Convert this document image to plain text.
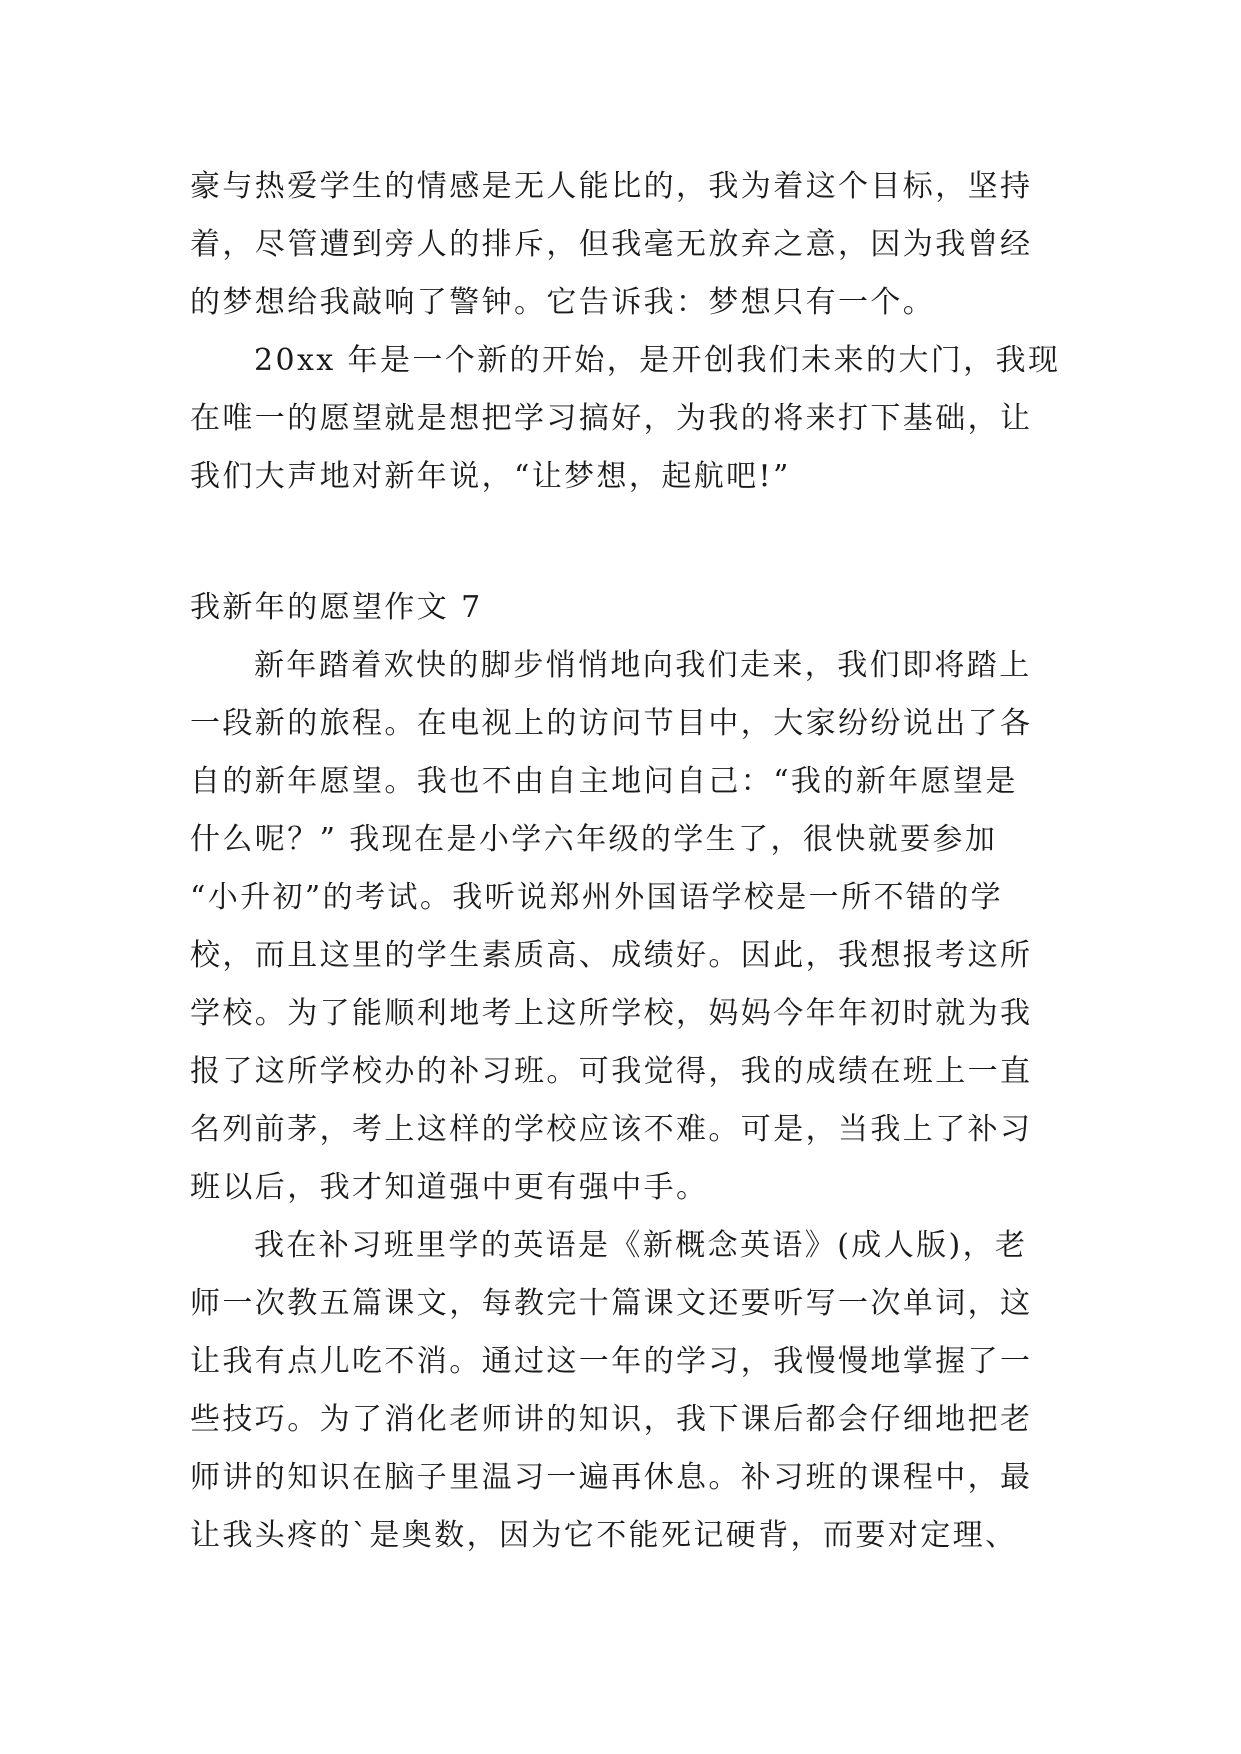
豪与热爱学生的情感是无人能比的，我为着这个目标，坚持
着，尽管遭到旁人的排斥，但我毫无放弃之意，因为我曾经
的梦想给我敲响了警钟。它告诉我：梦想只有一个。
20xx 年是一个新的开始，是开创我们未来的大门，我现
在唯一的愿望就是想把学习搞好，为我的将来打下基础，让
我们大声地对新年说，“让梦想，起航吧!”
我新年的愿望作文 7
新年踏着欢快的脚步悄悄地向我们走来，我们即将踏上
一段新的旅程。在电视上的访问节目中，大家纷纷说出了各
自的新年愿望。我也不由自主地问自己：“我的新年愿望是
什么呢？” 我现在是小学六年级的学生了，很快就要参加
“小升初”的考试。我听说郑州外国语学校是一所不错的学
校，而且这里的学生素质高、成绩好。因此，我想报考这所
学校。为了能顺利地考上这所学校，妈妈今年年初时就为我
报了这所学校办的补习班。可我觉得，我的成绩在班上一直
名列前茅，考上这样的学校应该不难。可是，当我上了补习
班以后，我才知道强中更有强中手。
我在补习班里学的英语是《新概念英语》(成人版)，老
师一次教五篇课文，每教完十篇课文还要听写一次单词，这
让我有点儿吃不消。通过这一年的学习，我慢慢地掌握了一
些技巧。为了消化老师讲的知识，我下课后都会仔细地把老
师讲的知识在脑子里温习一遍再休息。补习班的课程中，最
让我头疼的`是奥数，因为它不能死记硬背，而要对定理、
